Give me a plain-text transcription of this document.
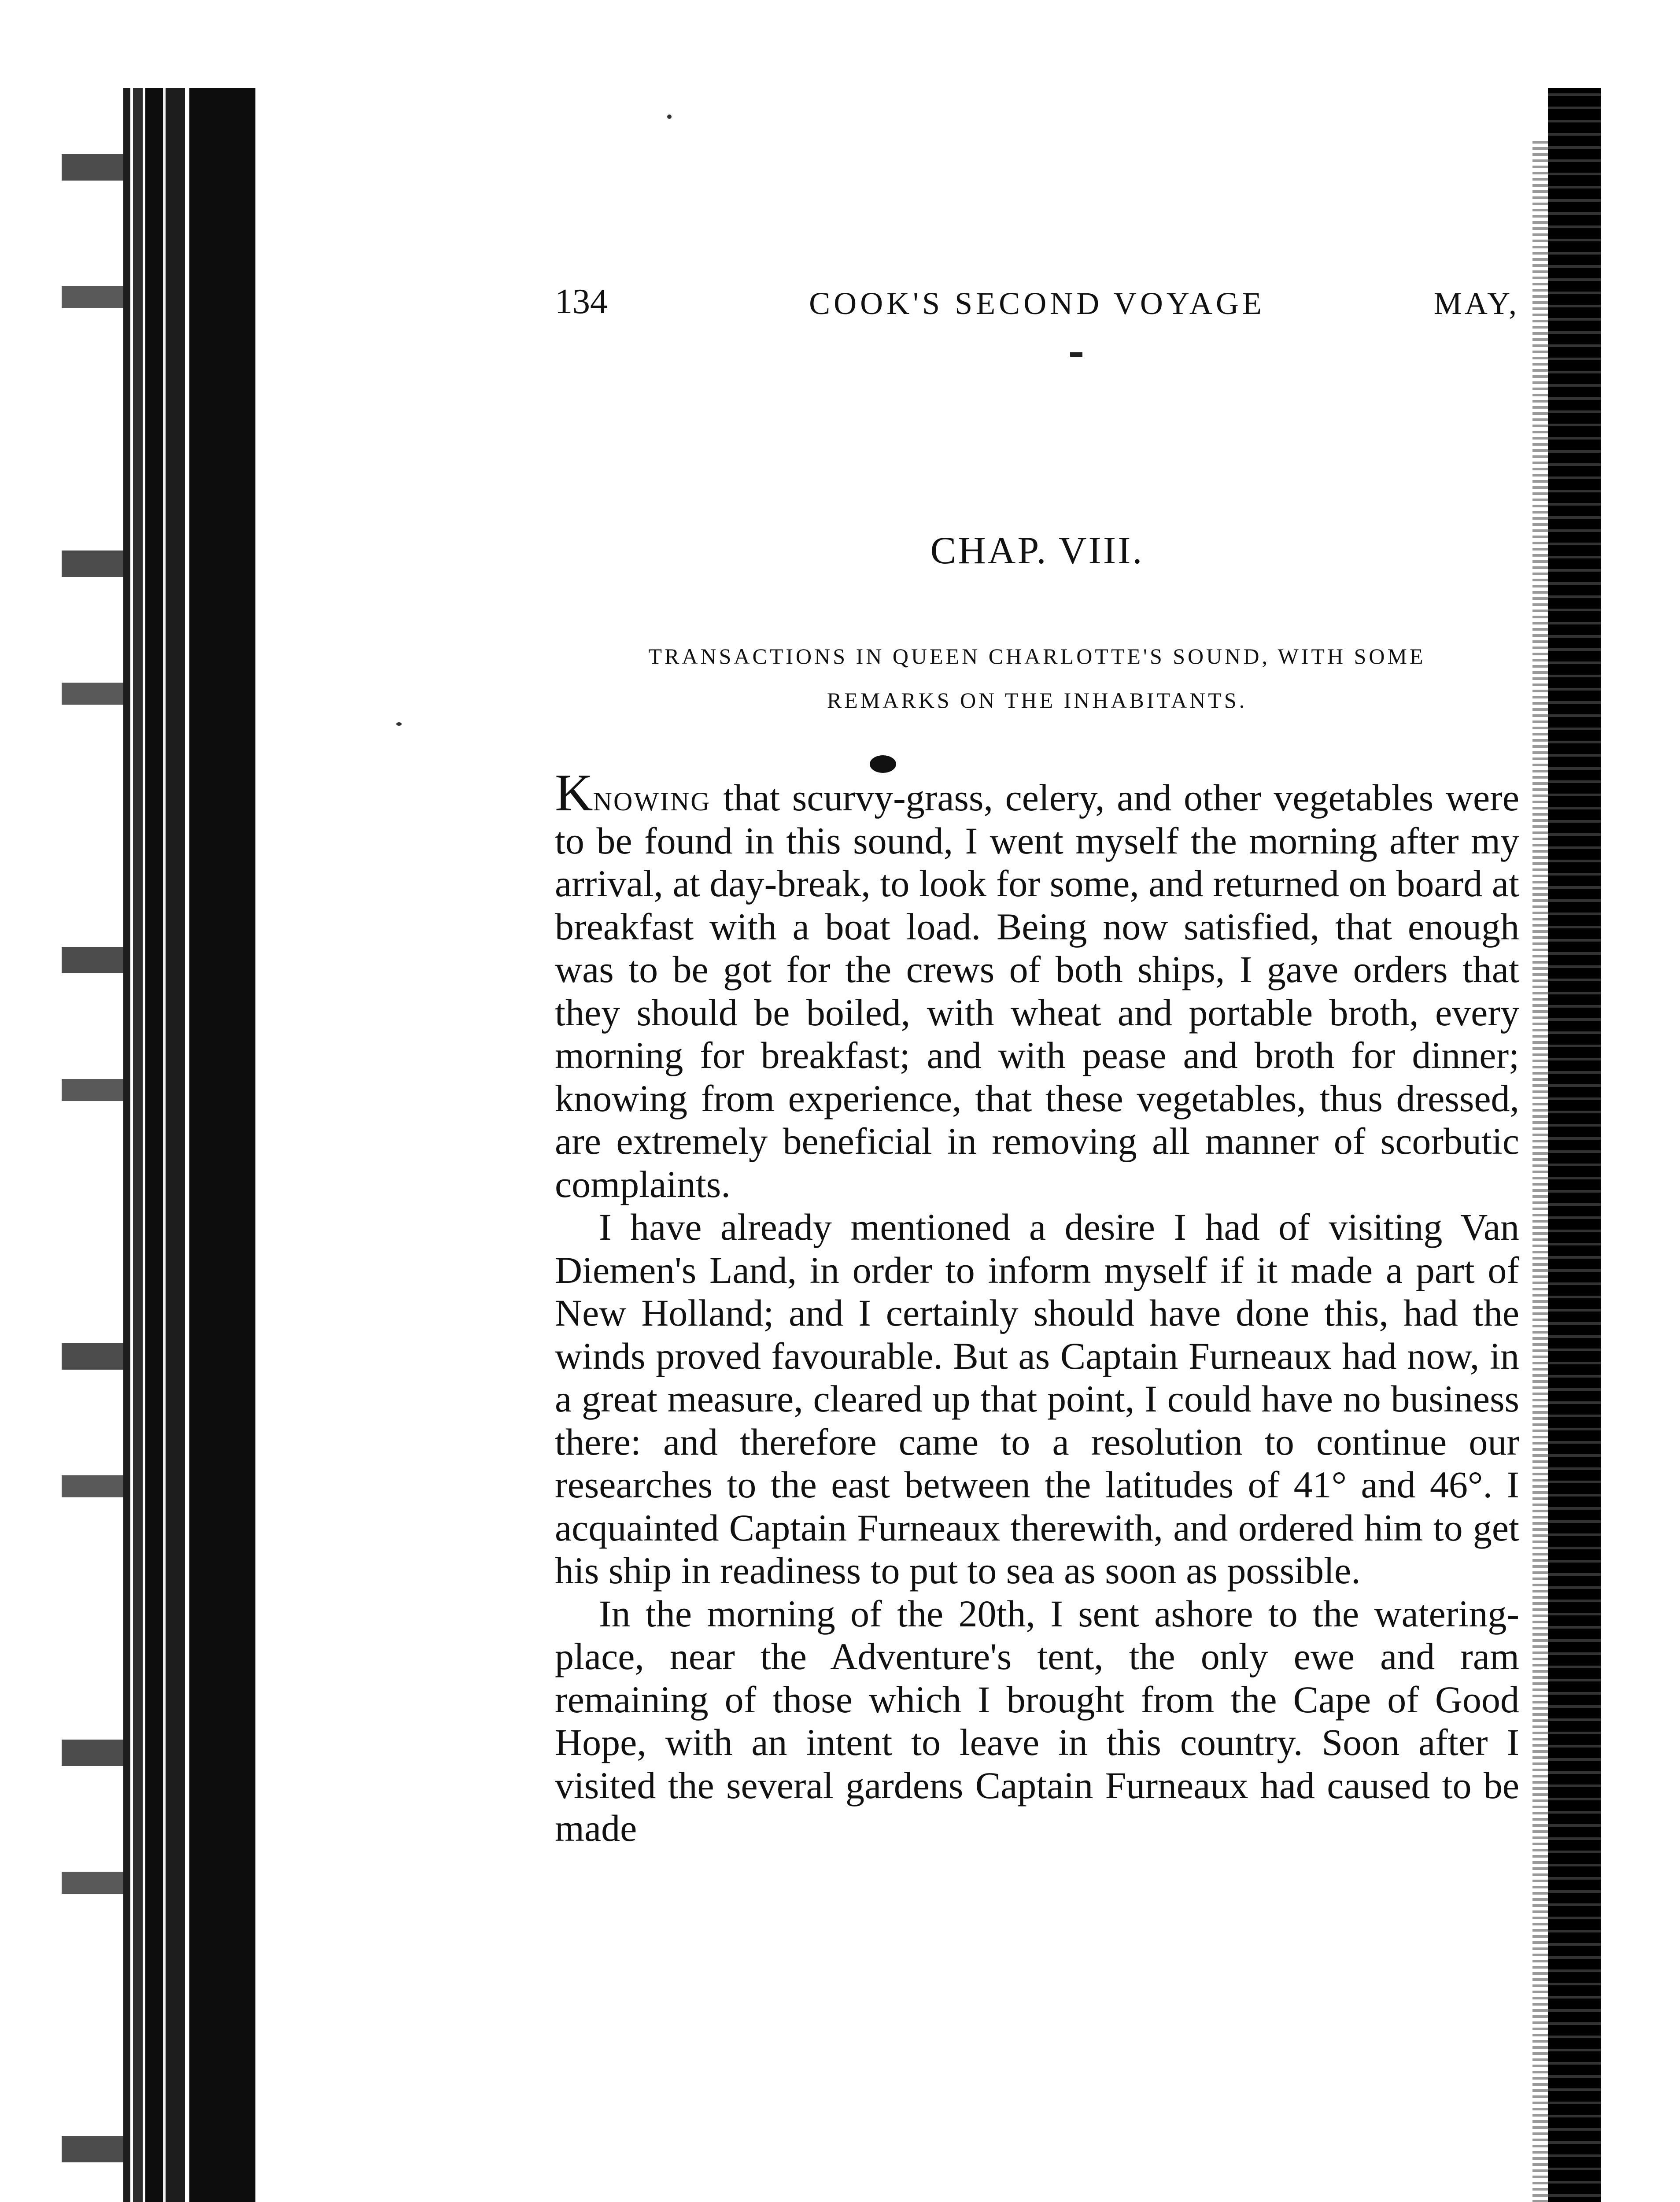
134	COOK'S SECOND VOYAGE	MAY,
CHAP. VIII.
TRANSACTIONS IN QUEEN CHARLOTTE'S SOUND, WITH SOME
REMARKS ON THE INHABITANTS.

Knowing that scurvy-grass, celery, and other vegetables were to be found in this sound, I went myself the morning after my arrival, at day-break, to look for some, and returned on board at breakfast with a boat load. Being now satisfied, that enough was to be got for the crews of both ships, I gave orders that they should be boiled, with wheat and portable broth, every morning for breakfast; and with pease and broth for dinner; knowing from experience, that these vegetables, thus dressed, are extremely beneficial in removing all manner of scorbutic complaints.

I have already mentioned a desire I had of visiting Van Diemen's Land, in order to inform myself if it made a part of New Holland; and I certainly should have done this, had the winds proved favourable. But as Captain Furneaux had now, in a great measure, cleared up that point, I could have no business there: and therefore came to a resolution to continue our researches to the east between the latitudes of 41° and 46°. I acquainted Captain Furneaux therewith, and ordered him to get his ship in readiness to put to sea as soon as possible.

In the morning of the 20th, I sent ashore to the watering-place, near the Adventure's tent, the only ewe and ram remaining of those which I brought from the Cape of Good Hope, with an intent to leave in this country. Soon after I visited the several gardens Captain Furneaux had caused to be made
